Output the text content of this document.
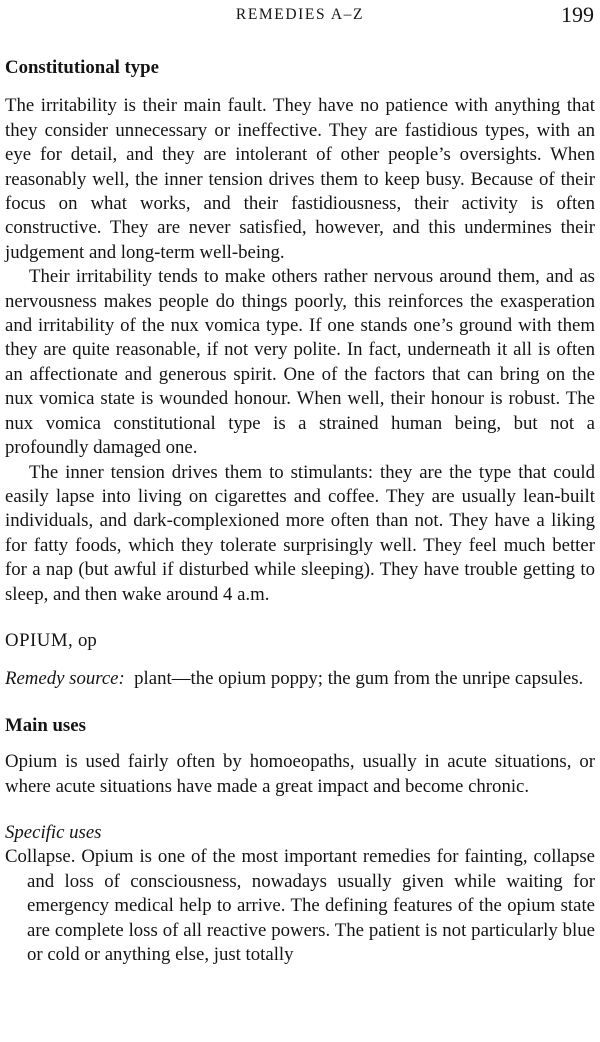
REMEDIES A–Z	199
Constitutional type

The irritability is their main fault. They have no patience with anything that they consider unnecessary or ineffective. They are fastidious types, with an eye for detail, and they are intolerant of other people’s oversights. When reasonably well, the inner tension drives them to keep busy. Because of their focus on what works, and their fastidiousness, their activity is often constructive. They are never satisfied, however, and this undermines their judgement and long-term well-being.

Their irritability tends to make others rather nervous around them, and as nervousness makes people do things poorly, this reinforces the exasperation and irritability of the nux vomica type. If one stands one’s ground with them they are quite reasonable, if not very polite. In fact, underneath it all is often an affectionate and generous spirit. One of the factors that can bring on the nux vomica state is wounded honour. When well, their honour is robust. The nux vomica constitutional type is a strained human being, but not a profoundly damaged one.

The inner tension drives them to stimulants: they are the type that could easily lapse into living on cigarettes and coffee. They are usually lean-built individuals, and dark-complexioned more often than not. They have a liking for fatty foods, which they tolerate surprisingly well. They feel much better for a nap (but awful if disturbed while sleeping). They have trouble getting to sleep, and then wake around 4 a.m.

OPIUM, op

Remedy source: plant—the opium poppy; the gum from the unripe capsules.

Main uses

Opium is used fairly often by homoeopaths, usually in acute situations, or where acute situations have made a great impact and become chronic.

Specific uses

Collapse. Opium is one of the most important remedies for fainting, collapse and loss of consciousness, nowadays usually given while waiting for emergency medical help to arrive. The defining features of the opium state are complete loss of all reactive powers. The patient is not particularly blue or cold or anything else, just totally
